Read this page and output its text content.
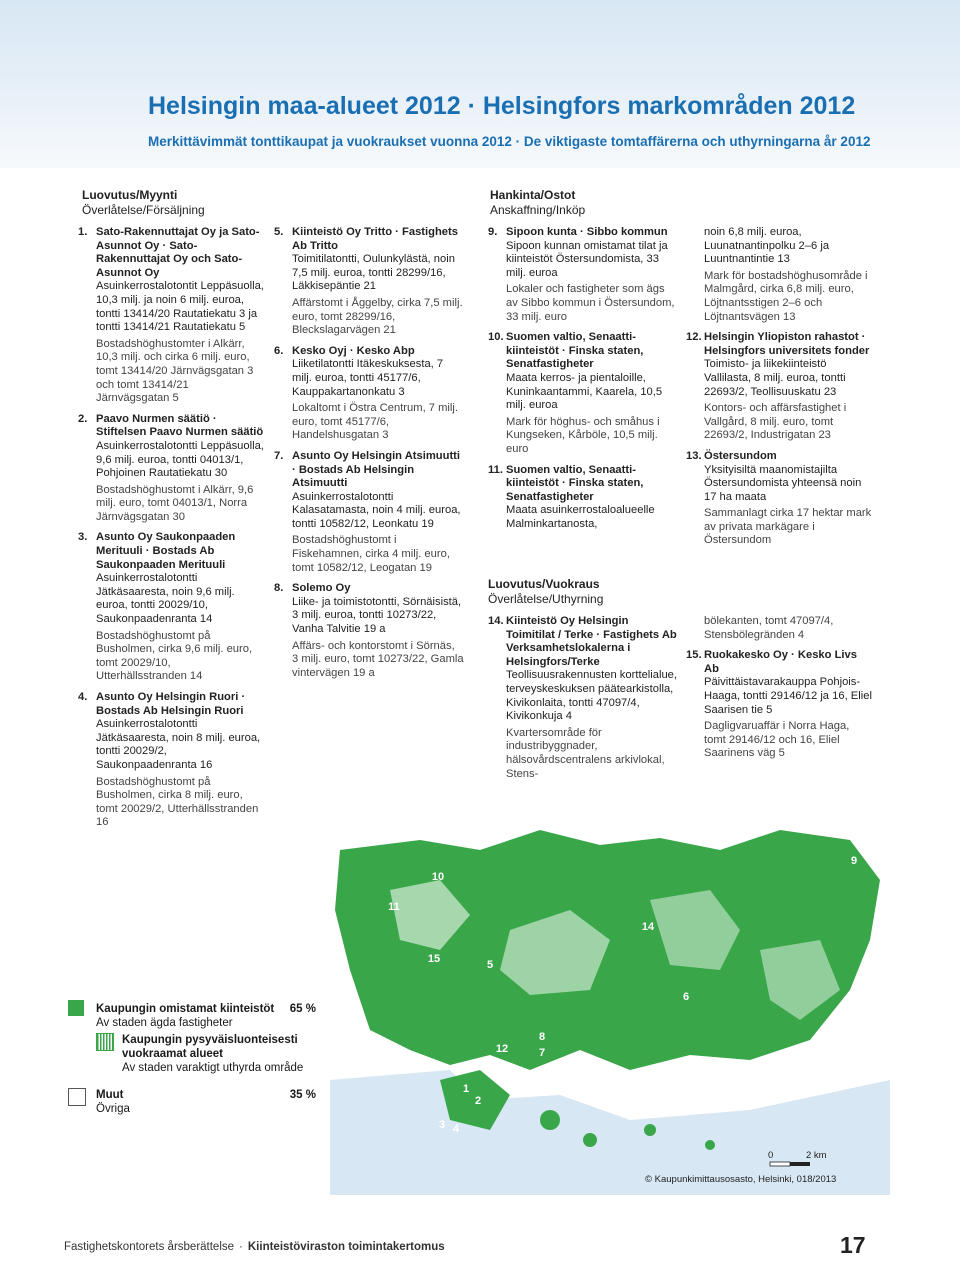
Helsingin maa-alueet 2012 · Helsingfors markområden 2012
Merkittävimmät tonttikaupat ja vuokraukset vuonna 2012 · De viktigaste tomtaffärerna och uthyrningarna år 2012
Luovutus/Myynti
Överlåtelse/Försäljning
Hankinta/Ostot
Anskaffning/Inköp
1. Sato-Rakennuttajat Oy ja Sato-Asunnot Oy · Sato-Rakennuttajat Oy och Sato-Asunnot Oy
Asuinkerrostalotontit Leppäsuolla, 10,3 milj. ja noin 6 milj. euroa, tontti 13414/20 Rautatiekatu 3 ja tontti 13414/21 Rautatiekatu 5
Bostadshöghustomter i Alkärr, 10,3 milj. och cirka 6 milj. euro, tomt 13414/20 Järnvägsgatan 3 och tomt 13414/21 Järnvägsgatan 5
2. Paavo Nurmen säätiö · Stiftelsen Paavo Nurmen säätiö
Asuinkerrostalotontti Leppäsuolla, 9,6 milj. euroa, tontti 04013/1, Pohjoinen Rautatiekatu 30
Bostadshöghustomt i Alkärr, 9,6 milj. euro, tomt 04013/1, Norra Järnvägsgatan 30
3. Asunto Oy Saukonpaaden Merituuli · Bostads Ab Saukonpaaden Merituuli
Asuinkerrostalotontti Jätkäsaaresta, noin 9,6 milj. euroa, tontti 20029/10, Saukonpaadenranta 14
Bostadshöghustomt på Busholmen, cirka 9,6 milj. euro, tomt 20029/10, Utterhällsstranden 14
4. Asunto Oy Helsingin Ruori · Bostads Ab Helsingin Ruori
Asuinkerrostalotontti Jätkäsaaresta, noin 8 milj. euroa, tontti 20029/2, Saukonpaadenranta 16
Bostadshöghustomt på Busholmen, cirka 8 milj. euro, tomt 20029/2, Utterhällsstranden 16
5. Kiinteistö Oy Tritto · Fastighets Ab Tritto
Toimitilatontti, Oulunkylästä, noin 7,5 milj. euroa, tontti 28299/16, Läkkisepäntie 21
Affärstomt i Åggelby, cirka 7,5 milj. euro, tomt 28299/16, Bleckslagarvägen 21
6. Kesko Oyj · Kesko Abp
Liiketilatontti Itäkeskuksesta, 7 milj. euroa, tontti 45177/6, Kauppakartanonkatu 3
Lokaltomt i Östra Centrum, 7 milj. euro, tomt 45177/6, Handelshusgatan 3
7. Asunto Oy Helsingin Atsimuutti · Bostads Ab Helsingin Atsimuutti
Asuinkerrostalotontti Kalasatamasta, noin 4 milj. euroa, tontti 10582/12, Leonkatu 19
Bostadshöghustomt i Fiskehamnen, cirka 4 milj. euro, tomt 10582/12, Leogatan 19
8. Solemo Oy
Liike- ja toimistotontti, Sörnäisistä, 3 milj. euroa, tontti 10273/22, Vanha Talvitie 19 a
Affärs- och kontorstomt i Sörnäs, 3 milj. euro, tomt 10273/22, Gamla vintervägen 19 a
9. Sipoon kunta · Sibbo kommun
Sipoon kunnan omistamat tilat ja kiinteistöt Östersundomista, 33 milj. euroa
Lokaler och fastigheter som ägs av Sibbo kommun i Östersundom, 33 milj. euro
10. Suomen valtio, Senaatti-kiinteistöt · Finska staten, Senatfastigheter
Maata kerros- ja pientaloille, Kuninkaantammi, Kaarela, 10,5 milj. euroa
Mark för höghus- och småhus i Kungseken, Kårböle, 10,5 milj. euro
11. Suomen valtio, Senaatti-kiinteistöt · Finska staten, Senatfastigheter
Maata asuinkerrostaloalueelle Malminkartanosta,
Luovutus/Vuokraus
Överlåtelse/Uthyrning
14. Kiinteistö Oy Helsingin Toimitilat / Terke · Fastighets Ab Verksamhetslokalerna i Helsingfors/Terke
Teollisuusrakennusten korttelialue, terveyskeskuksen päätearkistolla, Kivikonlaita, tontti 47097/4, Kivikonkuja 4
Kvartersområde för industribyggnader, hälsovårdscentralens arkivlokal, Stens-
noin 6,8 milj. euroa, Luunatnantinpolku 2–6 ja Luuntnantintie 13
Mark för bostadshöghusområde i Malmgård, cirka 6,8 milj. euro, Löjtnantsstigen 2–6 och Löjtnantsvägen 13
12. Helsingin Yliopiston rahastot · Helsingfors universitets fonder
Toimisto- ja liikekiinteistö Vallilasta, 8 milj. euroa, tontti 22693/2, Teollisuuskatu 23
Kontors- och affärsfastighet i Vallgård, 8 milj. euro, tomt 22693/2, Industrigatan 23
13. Östersundom
Yksityisiltä maanomistajilta Östersundomista yhteensä noin 17 ha maata
Sammanlagt cirka 17 hektar mark av privata markägare i Östersundom
bölekanten, tomt 47097/4, Stensbölegränden 4
15. Ruokakesko Oy · Kesko Livs Ab
Päivittäistavarakauppa Pohjois-Haaga, tontti 29146/12 ja 16, Eliel Saarisen tie 5
Dagligvaruaffär i Norra Haga, tomt 29146/12 och 16, Eliel Saarinens väg 5
Kaupungin omistamat kiinteistöt 65 %
Av staden ägda fastigheter
Kaupungin pysyväisluonteisesti vuokraamat alueet
Av staden varaktigt uthyrda område
Muut	35 %
Övriga
1
2
3 4
5
6
7
8
9
10
11
12
13
14
15
0	2 km
© Kaupunkimittausosasto, Helsinki, 018/2013
Fastighetskontorets årsberättelse · Kiinteistöviraston toimintakertomus	17
